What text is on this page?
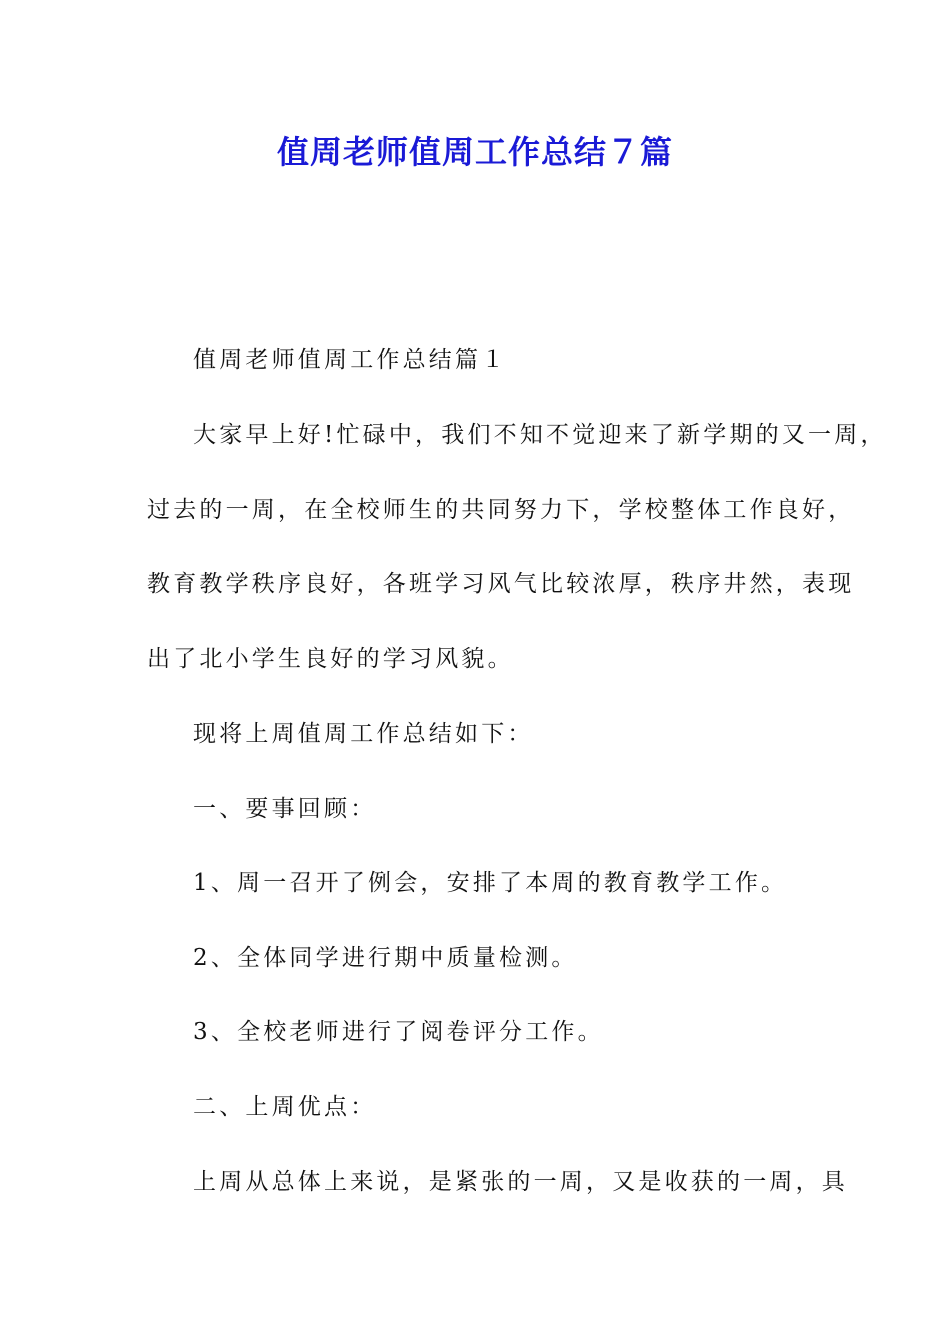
值周老师值周工作总结７篇
值周老师值周工作总结篇１
大家早上好!忙碌中，我们不知不觉迎来了新学期的又一周，
过去的一周，在全校师生的共同努力下，学校整体工作良好，
教育教学秩序良好，各班学习风气比较浓厚，秩序井然，表现
出了北小学生良好的学习风貌。
现将上周值周工作总结如下：
一、要事回顾：
1、周一召开了例会，安排了本周的教育教学工作。
2、全体同学进行期中质量检测。
3、全校老师进行了阅卷评分工作。
二、上周优点：
上周从总体上来说，是紧张的一周，又是收获的一周，具
